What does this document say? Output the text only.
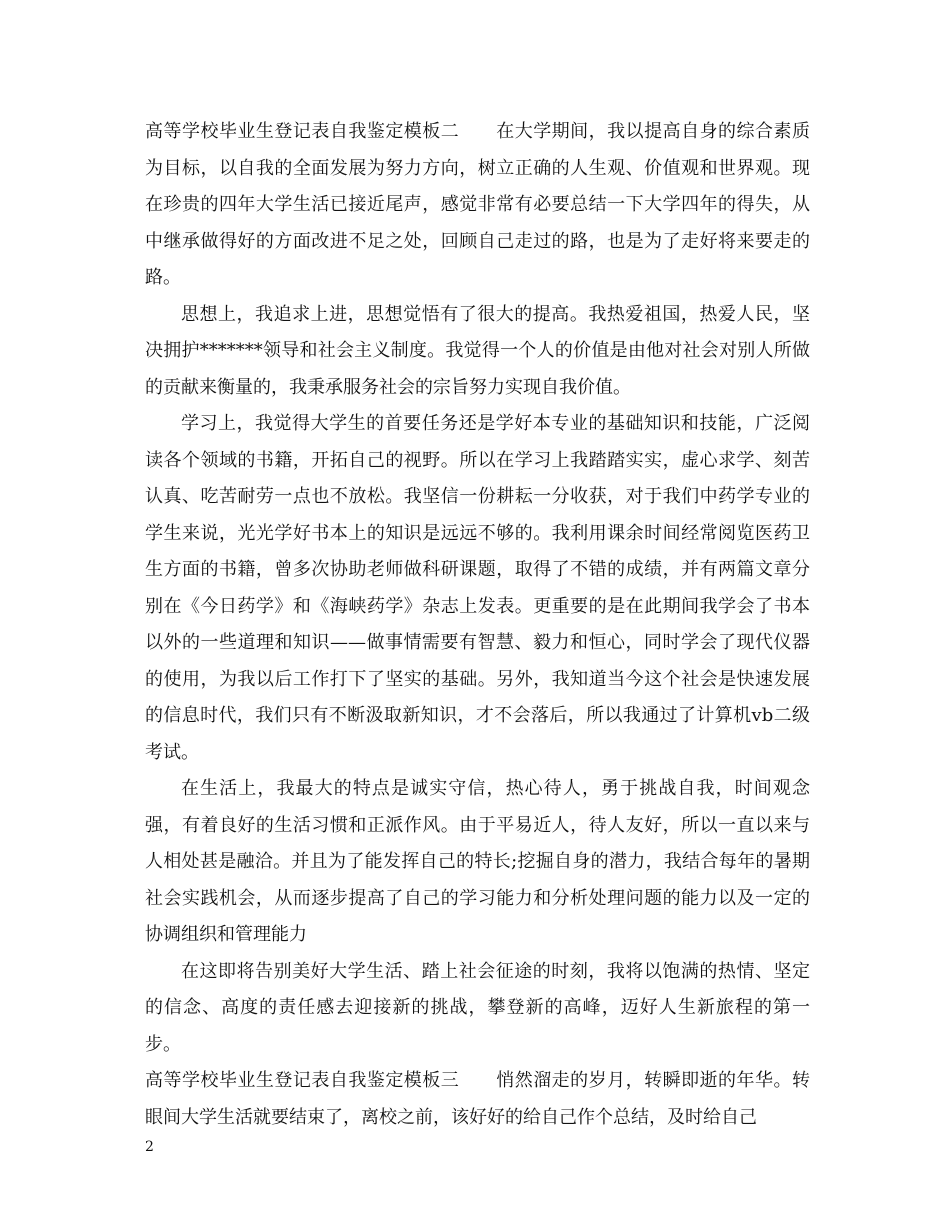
高等学校毕业生登记表自我鉴定模板二　　在大学期间，我以提高自身的综合素质为目标，以自我的全面发展为努力方向，树立正确的人生观、价值观和世界观。现在珍贵的四年大学生活已接近尾声，感觉非常有必要总结一下大学四年的得失，从中继承做得好的方面改进不足之处，回顾自己走过的路，也是为了走好将来要走的路。

思想上，我追求上进，思想觉悟有了很大的提高。我热爱祖国，热爱人民，坚决拥护*******领导和社会主义制度。我觉得一个人的价值是由他对社会对别人所做的贡献来衡量的，我秉承服务社会的宗旨努力实现自我价值。

学习上，我觉得大学生的首要任务还是学好本专业的基础知识和技能，广泛阅读各个领域的书籍，开拓自己的视野。所以在学习上我踏踏实实，虚心求学、刻苦认真、吃苦耐劳一点也不放松。我坚信一份耕耘一分收获，对于我们中药学专业的学生来说，光光学好书本上的知识是远远不够的。我利用课余时间经常阅览医药卫生方面的书籍，曾多次协助老师做科研课题，取得了不错的成绩，并有两篇文章分别在《今日药学》和《海峡药学》杂志上发表。更重要的是在此期间我学会了书本以外的一些道理和知识——做事情需要有智慧、毅力和恒心，同时学会了现代仪器的使用，为我以后工作打下了坚实的基础。另外，我知道当今这个社会是快速发展的信息时代，我们只有不断汲取新知识，才不会落后，所以我通过了计算机vb二级考试。

在生活上，我最大的特点是诚实守信，热心待人，勇于挑战自我，时间观念强，有着良好的生活习惯和正派作风。由于平易近人，待人友好，所以一直以来与人相处甚是融洽。并且为了能发挥自己的特长;挖掘自身的潜力，我结合每年的暑期社会实践机会，从而逐步提高了自己的学习能力和分析处理问题的能力以及一定的协调组织和管理能力

在这即将告别美好大学生活、踏上社会征途的时刻，我将以饱满的热情、坚定的信念、高度的责任感去迎接新的挑战，攀登新的高峰，迈好人生新旅程的第一步。

高等学校毕业生登记表自我鉴定模板三　　悄然溜走的岁月，转瞬即逝的年华。转眼间大学生活就要结束了，离校之前，该好好的给自己作个总结，及时给自己

2
